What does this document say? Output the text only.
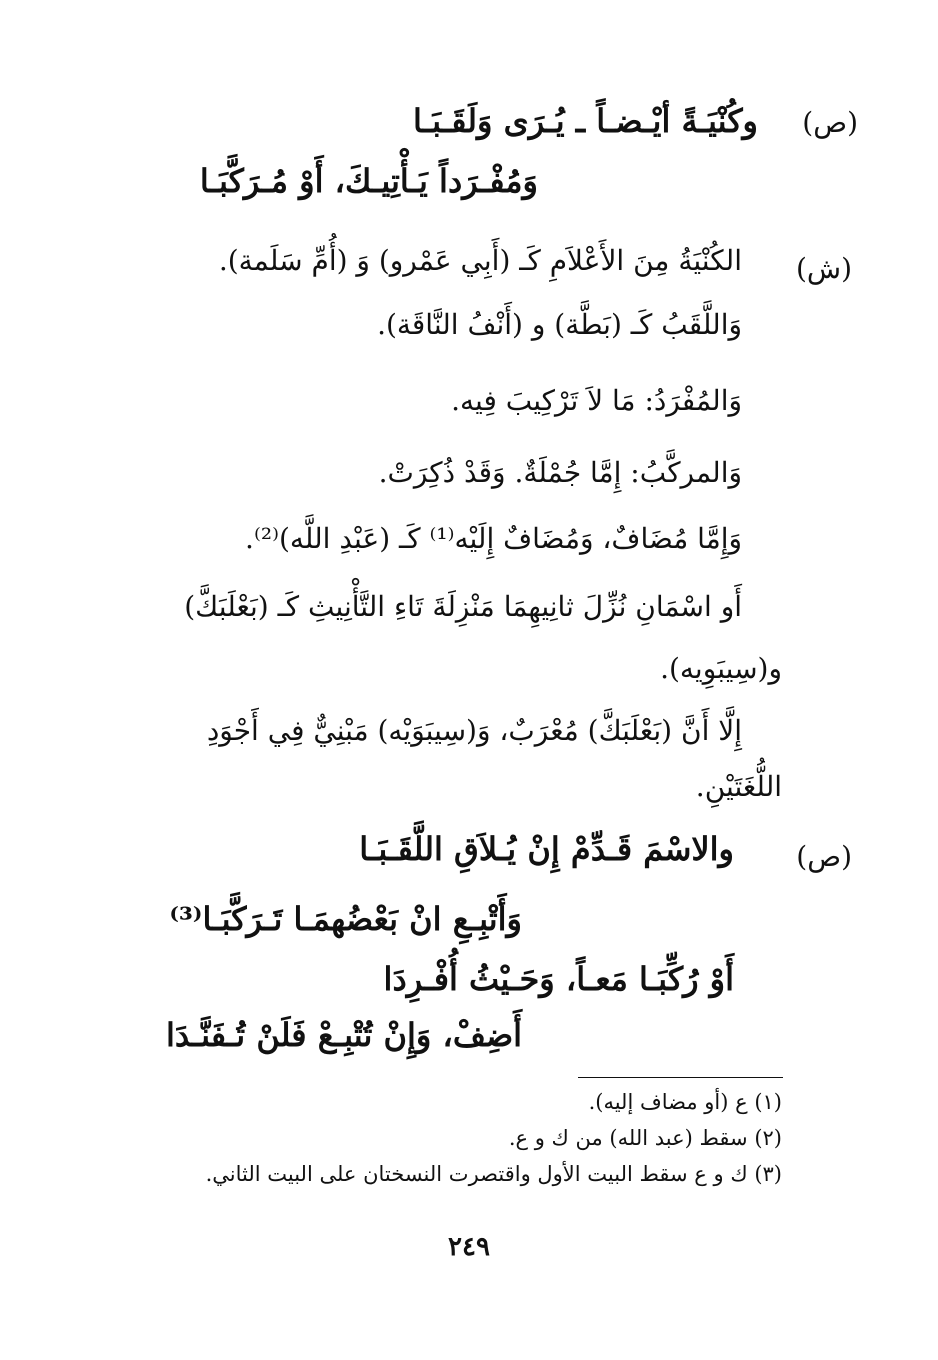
(ص)
وكُنْيَـةً أيْـضـاً ـ يُـرَى وَلَقَـبَـا
وَمُفْـرَداً يَـأْتِيـكَ، أَوْ مُـرَكَّبَـا
(ش)
الكُنْيَةُ مِنَ الأَعْلاَمِ كَـ (أَبِي عَمْرو) وَ (أُمِّ سَلَمة).
وَاللَّقَبُ كَـ (بَطَّة) و (أَنْفُ النَّاقَة).
وَالمُفْرَدُ: مَا لاَ تَرْكِيبَ فِيه.
وَالمركَّبُ: إِمَّا جُمْلَةٌ. وَقَدْ ذُكِرَتْ.
وَإِمَّا مُضَافٌ، وَمُضَافٌ إِلَيْه⁽¹⁾ كَـ (عَبْدِ اللَّه)⁽²⁾.
أَو اسْمَانِ نُزِّلَ ثانِيهِمَا مَنْزِلَةَ تَاءِ التَّأْنِيثِ كَـ (بَعْلَبَكَّ)
و(سِيبَوِيه).
إِلَّا أَنَّ (بَعْلَبَكَّ) مُعْرَبٌ، وَ(سِيبَوَيْه) مَبْنِيٌّ فِي أَجْوَدِ
اللُّغَتَيْنِ.
(ص)
والاسْمَ قَـدِّمْ إِنْ يُـلاَقِ اللَّقَـبَـا
وَأَتْبِـعِ انْ بَعْضُهمَـا تَـرَكَّبَـا⁽³⁾
أَوْ رُكِّبَـا مَعـاً، وَحَـيْثُ أُفْـرِدَا
أَضِفْ، وَإِنْ تُتْبِـعْ فَلَنْ تُـفَنَّـدَا
(١) ع (أو مضاف إليه).
(٢) سقط (عبد الله) من ك و ع.
(٣) ك و ع سقط البيت الأول واقتصرت النسختان على البيت الثاني.
٢٤٩
